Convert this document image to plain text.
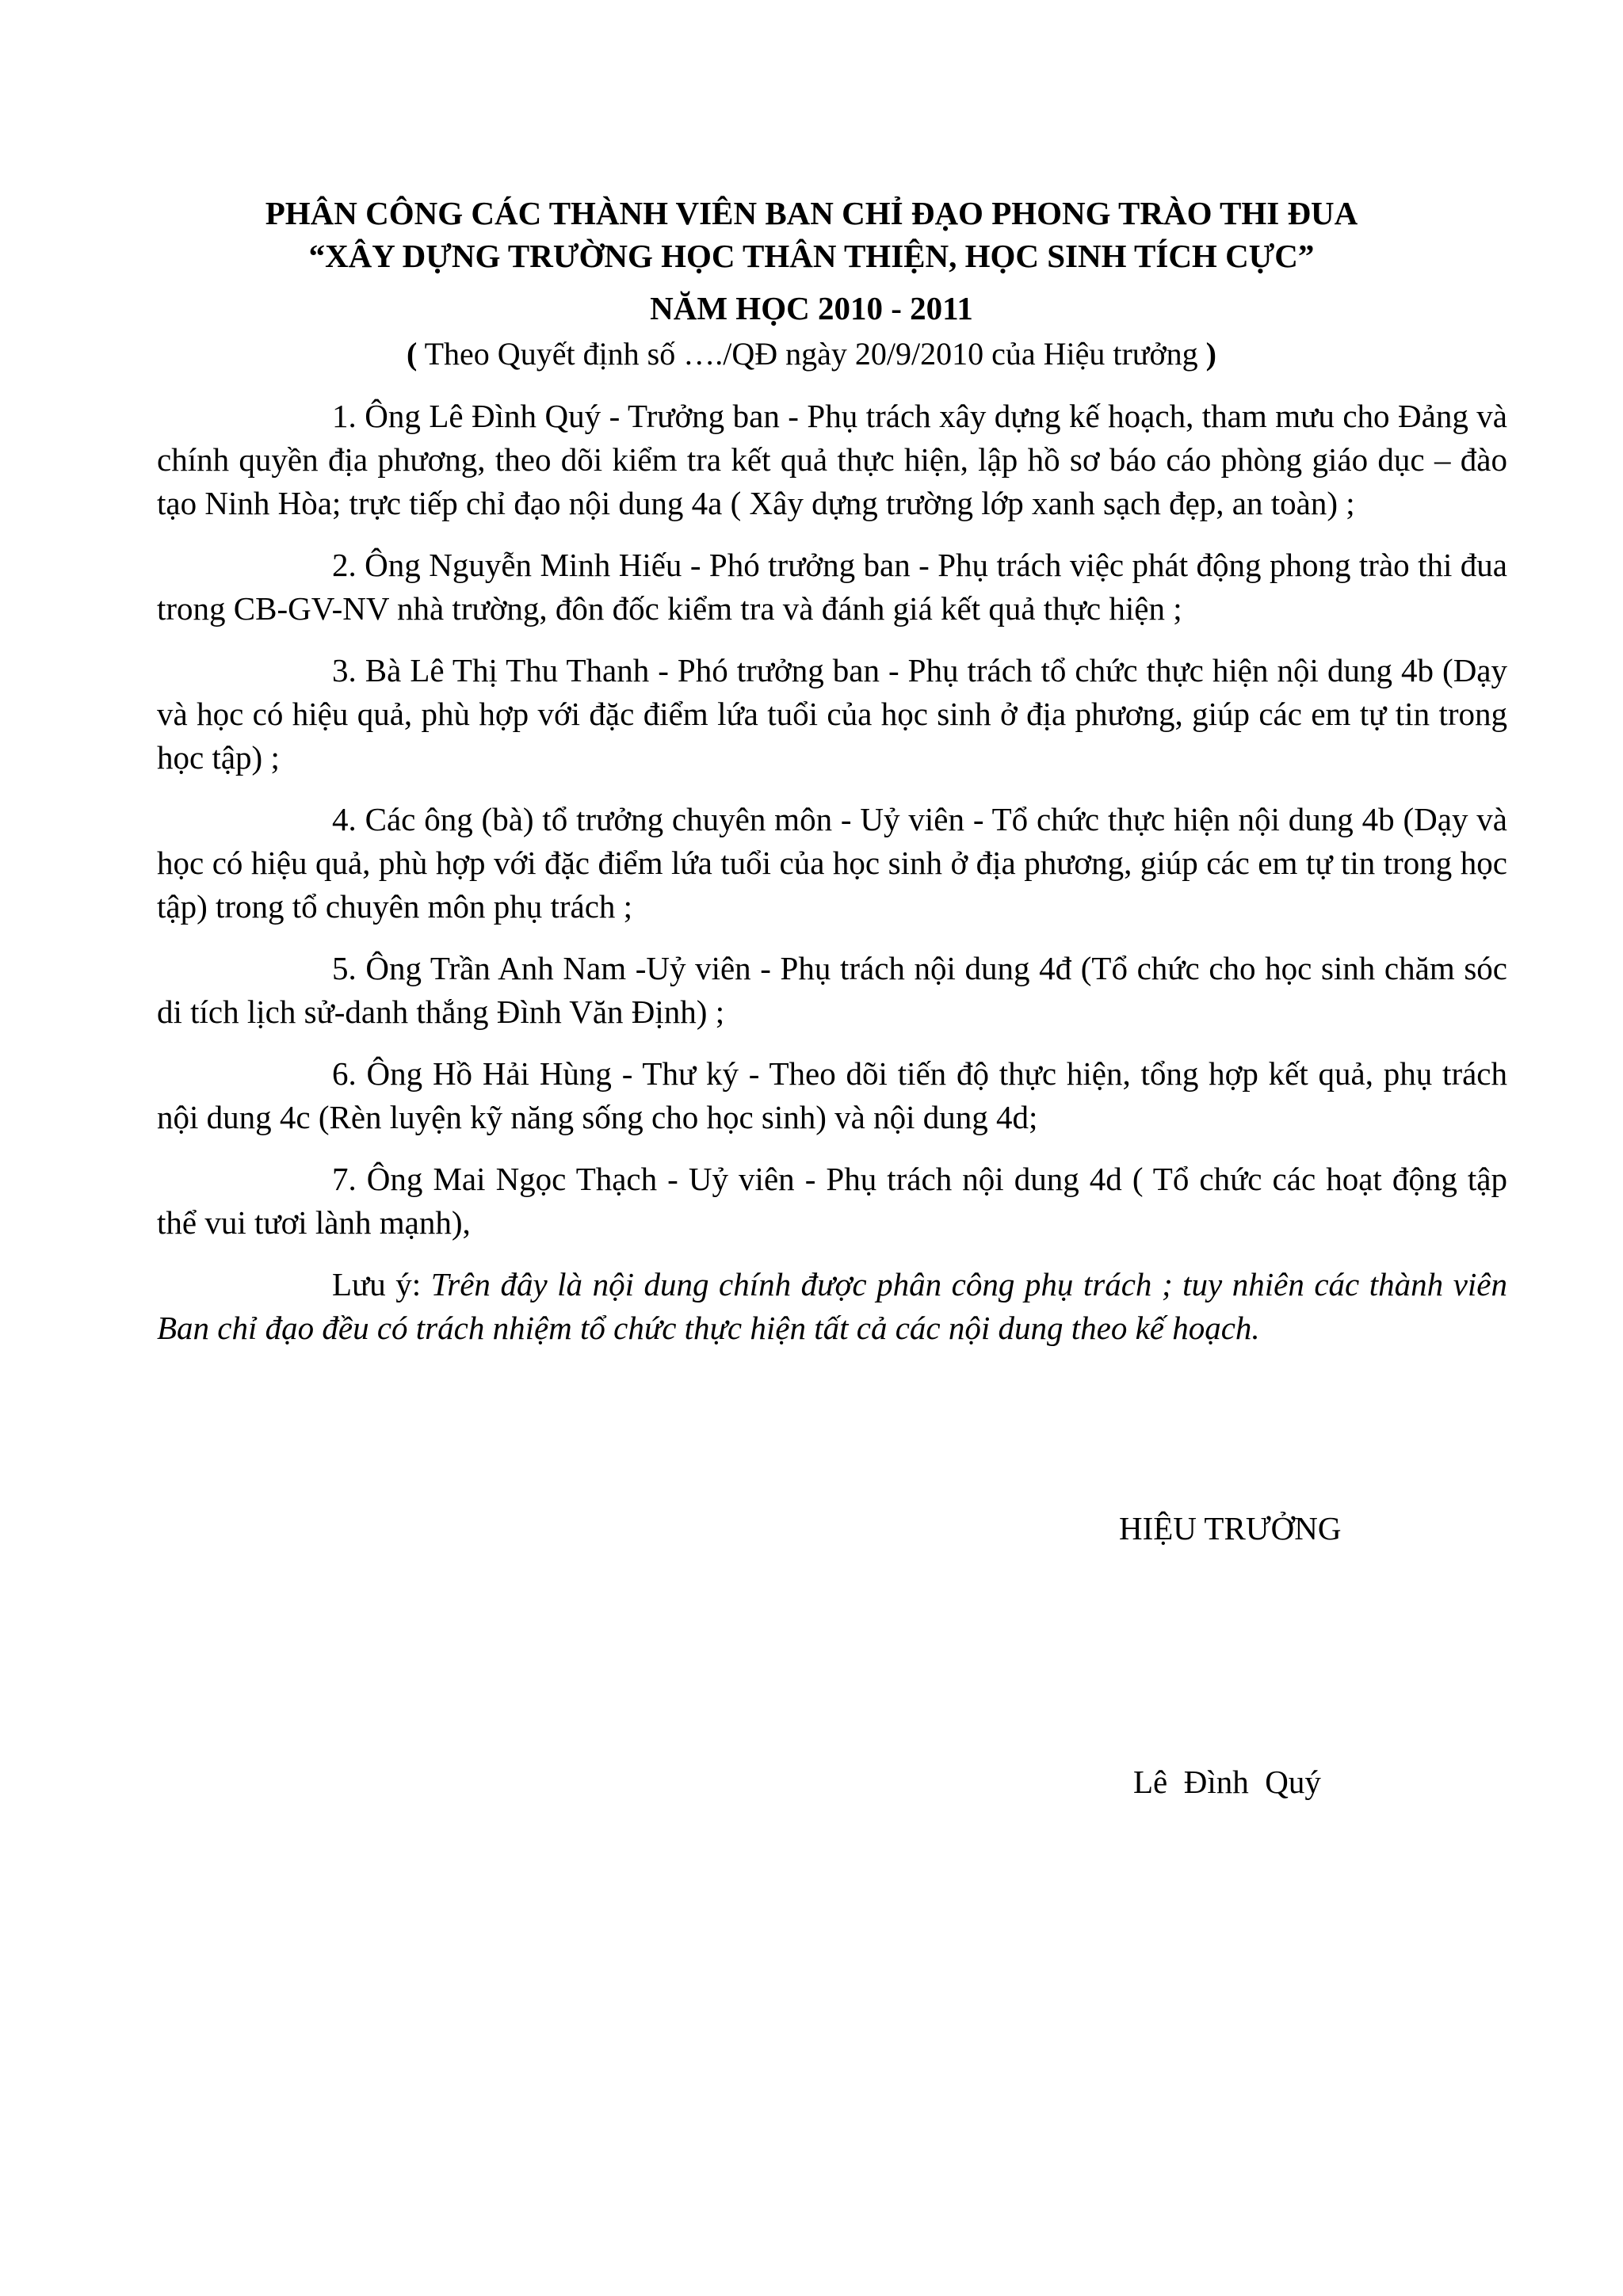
PHÂN CÔNG CÁC THÀNH VIÊN BAN CHỈ ĐẠO PHONG TRÀO THI ĐUA
“XÂY DỰNG TRƯỜNG HỌC THÂN THIỆN, HỌC SINH TÍCH CỰC”
NĂM HỌC 2010 - 2011
( Theo Quyết định số …./QĐ ngày 20/9/2010 của Hiệu trưởng )

1. Ông Lê Đình Quý - Trưởng ban - Phụ trách xây dựng kế hoạch, tham mưu cho Đảng và chính quyền địa phương, theo dõi kiểm tra kết quả thực hiện, lập hồ sơ báo cáo phòng giáo dục – đào tạo Ninh Hòa; trực tiếp chỉ đạo nội dung 4a ( Xây dựng trường lớp xanh sạch đẹp, an toàn) ;

2. Ông Nguyễn Minh Hiếu - Phó trưởng ban - Phụ trách việc phát động phong trào thi đua trong CB-GV-NV nhà trường, đôn đốc kiểm tra và đánh giá kết quả thực hiện ;

3. Bà Lê Thị Thu Thanh - Phó trưởng ban - Phụ trách tổ chức thực hiện nội dung 4b (Dạy và học có hiệu quả, phù hợp với đặc điểm lứa tuổi của học sinh ở địa phương, giúp các em tự tin trong học tập) ;

4. Các ông (bà) tổ trưởng chuyên môn - Uỷ viên - Tổ chức thực hiện nội dung 4b (Dạy và học có hiệu quả, phù hợp với đặc điểm lứa tuổi của học sinh ở địa phương, giúp các em tự tin trong học tập) trong tổ chuyên môn phụ trách ;

5. Ông Trần Anh Nam -Uỷ viên - Phụ trách nội dung 4đ (Tổ chức cho học sinh chăm sóc di tích lịch sử-danh thắng Đình Văn Định) ;

6. Ông Hồ Hải Hùng - Thư ký - Theo dõi tiến độ thực hiện, tổng hợp kết quả, phụ trách nội dung 4c (Rèn luyện kỹ năng sống cho học sinh) và nội dung 4d;

7. Ông Mai Ngọc Thạch - Uỷ viên - Phụ trách nội dung 4d ( Tổ chức các hoạt động tập thể vui tươi lành mạnh),

Lưu ý: Trên đây là nội dung chính được phân công phụ trách ; tuy nhiên các thành viên Ban chỉ đạo đều có trách nhiệm tổ chức thực hiện tất cả các nội dung theo kế hoạch.

HIỆU TRƯỞNG
Lê  Đình  Quý
